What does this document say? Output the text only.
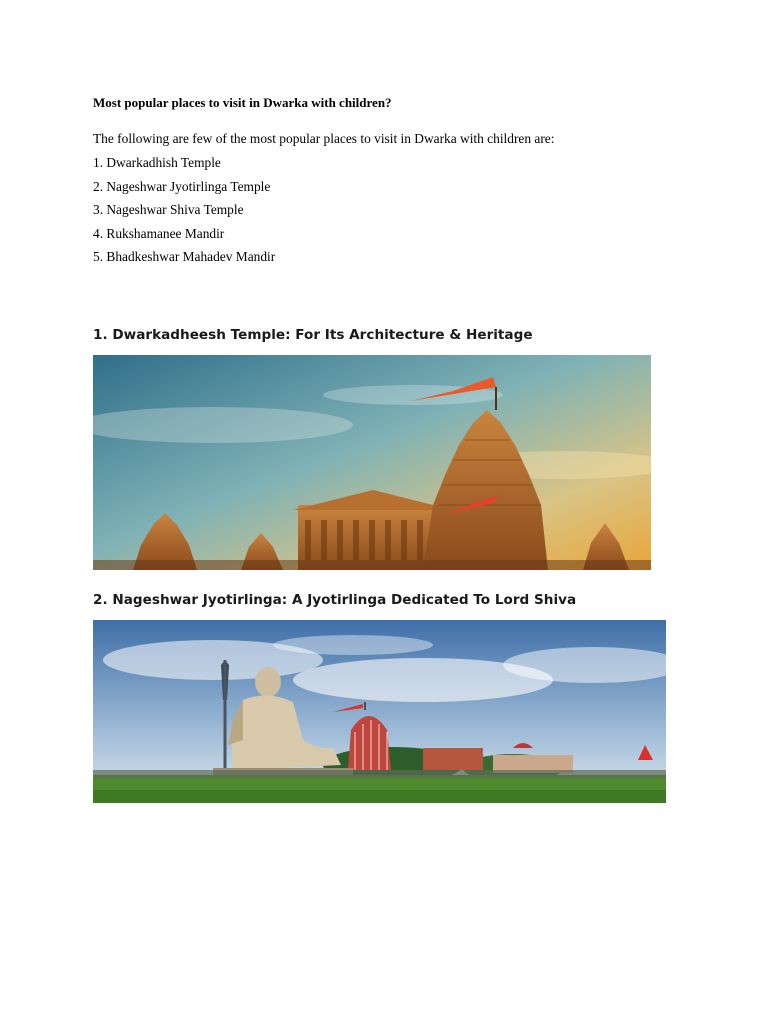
Most popular places to visit in Dwarka with children?
The following are few of the most popular places to visit in Dwarka with children are:
1. Dwarkadhish Temple
2. Nageshwar Jyotirlinga Temple
3. Nageshwar Shiva Temple
4. Rukshamanee Mandir
5. Bhadkeshwar Mahadev Mandir
1. Dwarkadheesh Temple: For Its Architecture & Heritage
2. Nageshwar Jyotirlinga: A Jyotirlinga Dedicated To Lord Shiva
